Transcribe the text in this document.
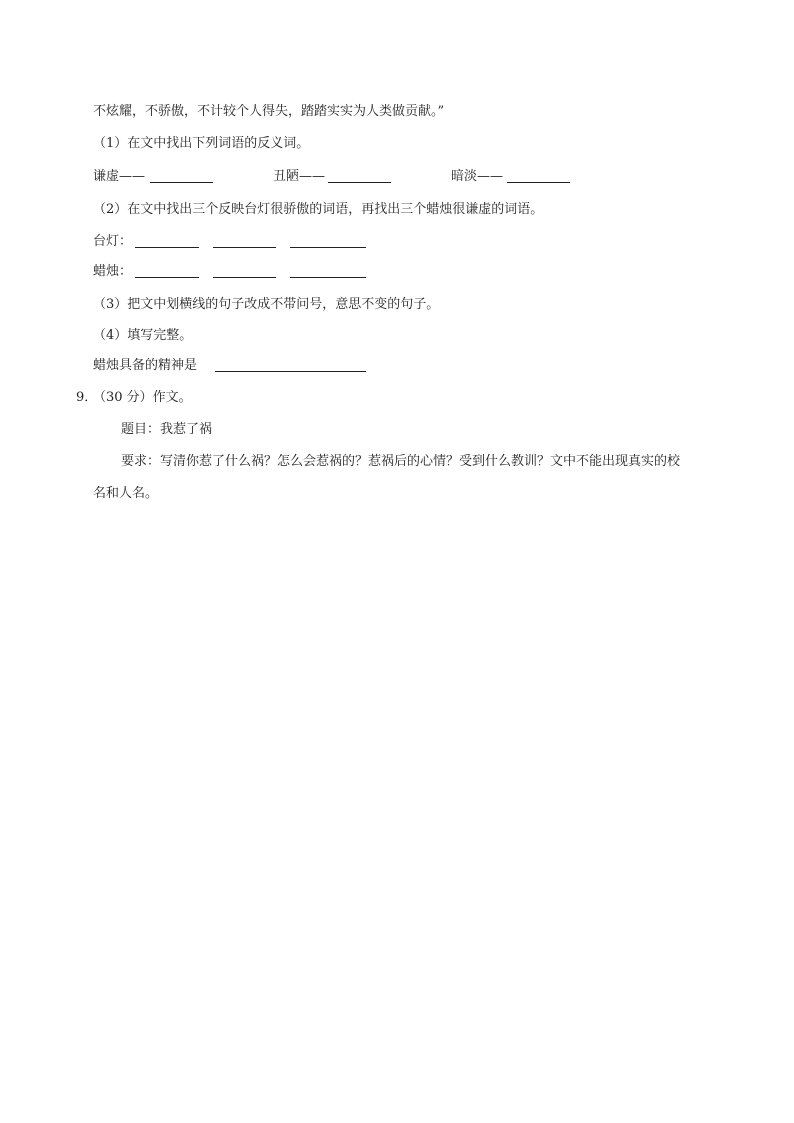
不炫耀，不骄傲，不计较个人得失，踏踏实实为人类做贡献。”
（1）在文中找出下列词语的反义词。
谦虚——	丑陋——	暗淡——
（2）在文中找出三个反映台灯很骄傲的词语，再找出三个蜡烛很谦虚的词语。
台灯：
蜡烛：
（3）把文中划横线的句子改成不带问号，意思不变的句子。
（4）填写完整。
蜡烛具备的精神是
9．
（30 分）作文。
题目：我惹了祸
要求：写清你惹了什么祸？怎么会惹祸的？惹祸后的心情？受到什么教训？文中不能出现真实的校
名和人名。
